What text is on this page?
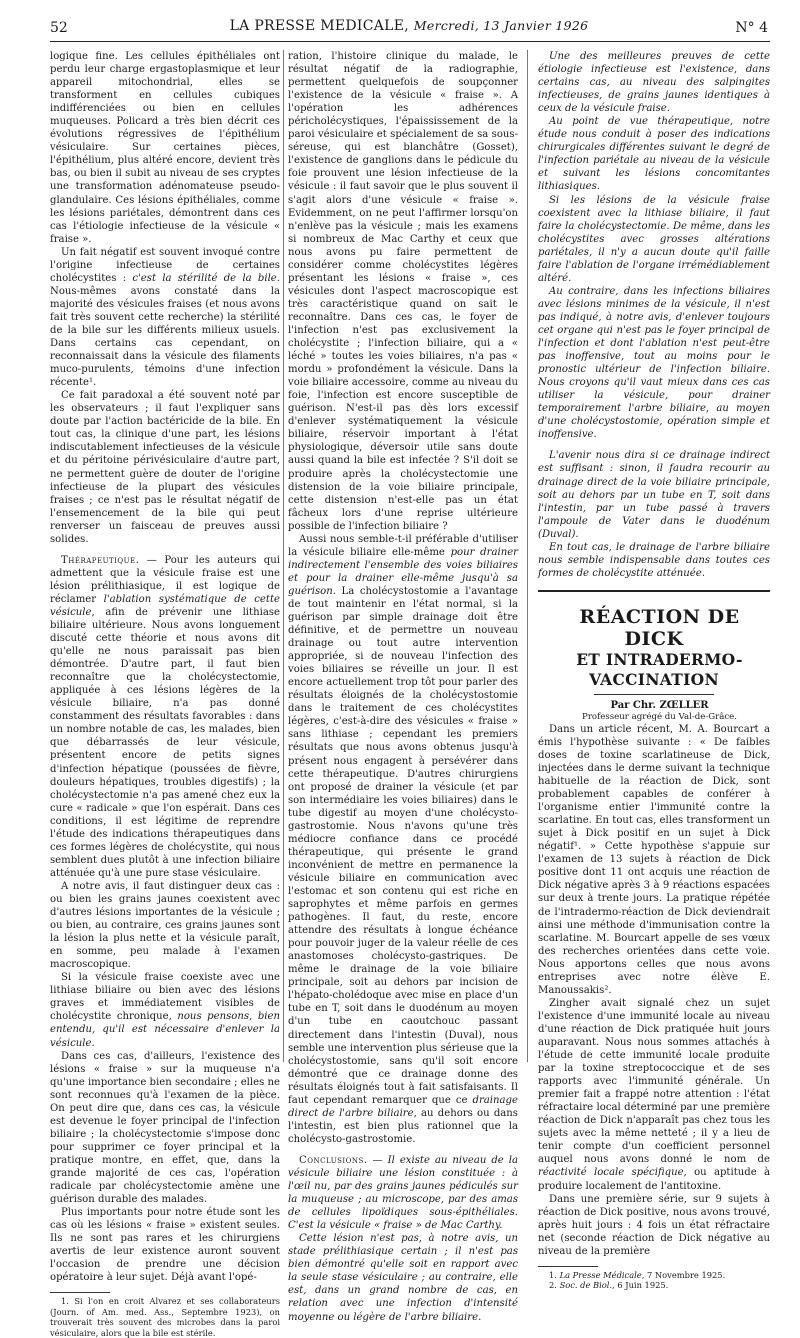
52	LA PRESSE MEDICALE, Mercredi, 13 Janvier 1926	N° 4

logique fine. Les cellules épithéliales ont perdu leur charge ergastoplasmique et leur appareil mitochondrial, elles se transforment en cellules cubiques indifférenciées ou bien en cellules muqueuses. Policard a très bien décrit ces évolutions régressives de l'épithélium vésiculaire. Sur certaines pièces, l'épithélium, plus altéré encore, devient très bas, ou bien il subit au niveau de ses cryptes une transformation adénomateuse pseudo-glandulaire. Ces lésions épithéliales, comme les lésions pariétales, démontrent dans ces cas l'étiologie infectieuse de la vésicule « fraise ».

Un fait négatif est souvent invoqué contre l'origine infectieuse de certaines cholécystites : c'est la stérilité de la bile. Nous-mêmes avons constaté dans la majorité des vésicules fraises (et nous avons fait très souvent cette recherche) la stérilité de la bile sur les différents milieux usuels. Dans certains cas cependant, on reconnaissait dans la vésicule des filaments muco-purulents, témoins d'une infection récente¹.

Ce fait paradoxal a été souvent noté par les observateurs ; il faut l'expliquer sans doute par l'action bactéricide de la bile. En tout cas, la clinique d'une part, les lésions indiscutablement infectieuses de la vésicule et du péritoine périvésiculaire d'autre part, ne permettent guère de douter de l'origine infectieuse de la plupart des vésicules fraises ; ce n'est pas le résultat négatif de l'ensemencement de la bile qui peut renverser un faisceau de preuves aussi solides.

Thérapeutique. — Pour les auteurs qui admettent que la vésicule fraise est une lésion prélithiasique, il est logique de réclamer l'ablation systématique de cette vésicule, afin de prévenir une lithiase biliaire ultérieure. Nous avons longuement discuté cette théorie et nous avons dit qu'elle ne nous paraissait pas bien démontrée. D'autre part, il faut bien reconnaître que la cholécystectomie, appliquée à ces lésions légères de la vésicule biliaire, n'a pas donné constamment des résultats favorables : dans un nombre notable de cas, les malades, bien que débarrassés de leur vésicule, présentent encore de petits signes d'infection hépatique (poussées de fièvre, douleurs hépatiques, troubles digestifs) ; la cholécystectomie n'a pas amené chez eux la cure « radicale » que l'on espérait. Dans ces conditions, il est légitime de reprendre l'étude des indications thérapeutiques dans ces formes légères de cholécystite, qui nous semblent dues plutôt à une infection biliaire atténuée qu'à une pure stase vésiculaire.

A notre avis, il faut distinguer deux cas : ou bien les grains jaunes coexistent avec d'autres lésions importantes de la vésicule ; ou bien, au contraire, ces grains jaunes sont la lésion la plus nette et la vésicule paraît, en somme, peu malade à l'examen macroscopique.

Si la vésicule fraise coexiste avec une lithiase biliaire ou bien avec des lésions graves et immédiatement visibles de cholécystite chronique, nous pensons, bien entendu, qu'il est nécessaire d'enlever la vésicule.

Dans ces cas, d'ailleurs, l'existence des lésions « fraise » sur la muqueuse n'a qu'une importance bien secondaire ; elles ne sont reconnues qu'à l'examen de la pièce. On peut dire que, dans ces cas, la vésicule est devenue le foyer principal de l'infection biliaire ; la cholécystectomie s'impose donc pour supprimer ce foyer principal et la pratique montre, en effet, que, dans la grande majorité de ces cas, l'opération radicale par cholécystectomie amène une guérison durable des malades.

Plus importants pour notre étude sont les cas où les lésions « fraise » existent seules. Ils ne sont pas rares et les chirurgiens avertis de leur existence auront souvent l'occasion de prendre une décision opératoire à leur sujet. Déjà avant l'opé-

1. Si l'on en croit Alvarez et ses collaborateurs (Journ. of Am. med. Ass., Septembre 1923), on trouverait très souvent des microbes dans la paroi vésiculaire, alors que la bile est stérile.

ration, l'histoire clinique du malade, le résultat négatif de la radiographie, permettent quelquefois de soupçonner l'existence de la vésicule « fraise ». A l'opération les adhérences péricholécystiques, l'épaississement de la paroi vésiculaire et spécialement de sa sous-séreuse, qui est blanchâtre (Gosset), l'existence de ganglions dans le pédicule du foie prouvent une lésion infectieuse de la vésicule : il faut savoir que le plus souvent il s'agit alors d'une vésicule « fraise ». Evidemment, on ne peut l'affirmer lorsqu'on n'enlève pas la vésicule ; mais les examens si nombreux de Mac Carthy et ceux que nous avons pu faire permettent de considérer comme cholécystites légères présentant les lésions « fraise », ces vésicules dont l'aspect macroscopique est très caractéristique quand on sait le reconnaître. Dans ces cas, le foyer de l'infection n'est pas exclusivement la cholécystite ; l'infection biliaire, qui a « léché » toutes les voies biliaires, n'a pas « mordu » profondément la vésicule. Dans la voie biliaire accessoire, comme au niveau du foie, l'infection est encore susceptible de guérison. N'est-il pas dès lors excessif d'enlever systématiquement la vésicule biliaire, réservoir important à l'état physiologique, déversoir utile sans doute aussi quand la bile est infectée ? S'il doit se produire après la cholécystectomie une distension de la voie biliaire principale, cette distension n'est-elle pas un état fâcheux lors d'une reprise ultérieure possible de l'infection biliaire ?

Aussi nous semble-t-il préférable d'utiliser la vésicule biliaire elle-même pour drainer indirectement l'ensemble des voies biliaires et pour la drainer elle-même jusqu'à sa guérison. La cholécystostomie a l'avantage de tout maintenir en l'état normal, si la guérison par simple drainage doit être définitive, et de permettre un nouveau drainage ou tout autre intervention appropriée, si de nouveau l'infection des voies biliaires se réveille un jour. Il est encore actuellement trop tôt pour parler des résultats éloignés de la cholécystostomie dans le traitement de ces cholécystites légères, c'est-à-dire des vésicules « fraise » sans lithiase ; cependant les premiers résultats que nous avons obtenus jusqu'à présent nous engagent à persévérer dans cette thérapeutique. D'autres chirurgiens ont proposé de drainer la vésicule (et par son intermédiaire les voies biliaires) dans le tube digestif au moyen d'une cholécysto-gastrostomie. Nous n'avons qu'une très médiocre confiance dans ce procédé thérapeutique, qui présente le grand inconvénient de mettre en permanence la vésicule biliaire en communication avec l'estomac et son contenu qui est riche en saprophytes et même parfois en germes pathogènes. Il faut, du reste, encore attendre des résultats à longue échéance pour pouvoir juger de la valeur réelle de ces anastomoses cholécysto-gastriques. De même le drainage de la voie biliaire principale, soit au dehors par incision de l'hépato-cholédoque avec mise en place d'un tube en T, soit dans le duodénum au moyen d'un tube en caoutchouc passant directement dans l'intestin (Duval), nous semble une intervention plus sérieuse que la cholécystostomie, sans qu'il soit encore démontré que ce drainage donne des résultats éloignés tout à fait satisfaisants. Il faut cependant remarquer que ce drainage direct de l'arbre biliaire, au dehors ou dans l'intestin, est bien plus rationnel que la cholécysto-gastrostomie.

Conclusions. — Il existe au niveau de la vésicule biliaire une lésion constituée : à l'œil nu, par des grains jaunes pédiculés sur la muqueuse ; au microscope, par des amas de cellules lipoïdiques sous-épithéliales. C'est la vésicule « fraise » de Mac Carthy.

Cette lésion n'est pas, à notre avis, un stade prélithiasique certain ; il n'est pas bien démontré qu'elle soit en rapport avec la seule stase vésiculaire ; au contraire, elle est, dans un grand nombre de cas, en relation avec une infection d'intensité moyenne ou légère de l'arbre biliaire.

Une des meilleures preuves de cette étiologie infectieuse est l'existence, dans certains cas, au niveau des salpingites infectieuses, de grains jaunes identiques à ceux de la vésicule fraise.

Au point de vue thérapeutique, notre étude nous conduit à poser des indications chirurgicales différentes suivant le degré de l'infection pariétale au niveau de la vésicule et suivant les lésions concomitantes lithiasiques.

Si les lésions de la vésicule fraise coexistent avec la lithiase biliaire, il faut faire la cholécystectomie. De même, dans les cholécystites avec grosses altérations pariétales, il n'y a aucun doute qu'il faille faire l'ablation de l'organe irrémédiablement altéré.

Au contraire, dans les infections biliaires avec lésions minimes de la vésicule, il n'est pas indiqué, à notre avis, d'enlever toujours cet organe qui n'est pas le foyer principal de l'infection et dont l'ablation n'est peut-être pas inoffensive, tout au moins pour le pronostic ultérieur de l'infection biliaire. Nous croyons qu'il vaut mieux dans ces cas utiliser la vésicule, pour drainer temporairement l'arbre biliaire, au moyen d'une cholécystostomie, opération simple et inoffensive.

L'avenir nous dira si ce drainage indirect est suffisant : sinon, il faudra recourir au drainage direct de la voie biliaire principale, soit au dehors par un tube en T, soit dans l'intestin, par un tube passé à travers l'ampoule de Vater dans le duodénum (Duval).

En tout cas, le drainage de l'arbre biliaire nous semble indispensable dans toutes ces formes de cholécystite atténuée.

RÉACTION DE DICK

ET INTRADERMO-VACCINATION

Par Chr. ZŒLLER

Professeur agrégé du Val-de-Grâce.

Dans un article récent, M. A. Bourcart a émis l'hypothèse suivante : « De faibles doses de toxine scarlatineuse de Dick, injectées dans le derme suivant la technique habituelle de la réaction de Dick, sont probablement capables de conférer à l'organisme entier l'immunité contre la scarlatine. En tout cas, elles transforment un sujet à Dick positif en un sujet à Dick négatif¹. » Cette hypothèse s'appuie sur l'examen de 13 sujets à réaction de Dick positive dont 11 ont acquis une réaction de Dick négative après 3 à 9 réactions espacées sur deux à trente jours. La pratique répétée de l'intradermo-réaction de Dick deviendrait ainsi une méthode d'immunisation contre la scarlatine. M. Bourcart appelle de ses vœux des recherches orientées dans cette voie. Nous apportons celles que nous avons entreprises avec notre élève E. Manoussakis².

Zingher avait signalé chez un sujet l'existence d'une immunité locale au niveau d'une réaction de Dick pratiquée huit jours auparavant. Nous nous sommes attachés à l'étude de cette immunité locale produite par la toxine streptococcique et de ses rapports avec l'immunité générale. Un premier fait a frappé notre attention : l'état réfractaire local déterminé par une première réaction de Dick n'apparaît pas chez tous les sujets avec la même netteté ; il y a lieu de tenir compte d'un coefficient personnel auquel nous avons donné le nom de réactivité locale spécifique, ou aptitude à produire localement de l'antitoxine.

Dans une première série, sur 9 sujets à réaction de Dick positive, nous avons trouvé, après huit jours : 4 fois un état réfractaire net (seconde réaction de Dick négative au niveau de la première

1. La Presse Médicale, 7 Novembre 1925.

2. Soc. de Biol., 6 Juin 1925.
